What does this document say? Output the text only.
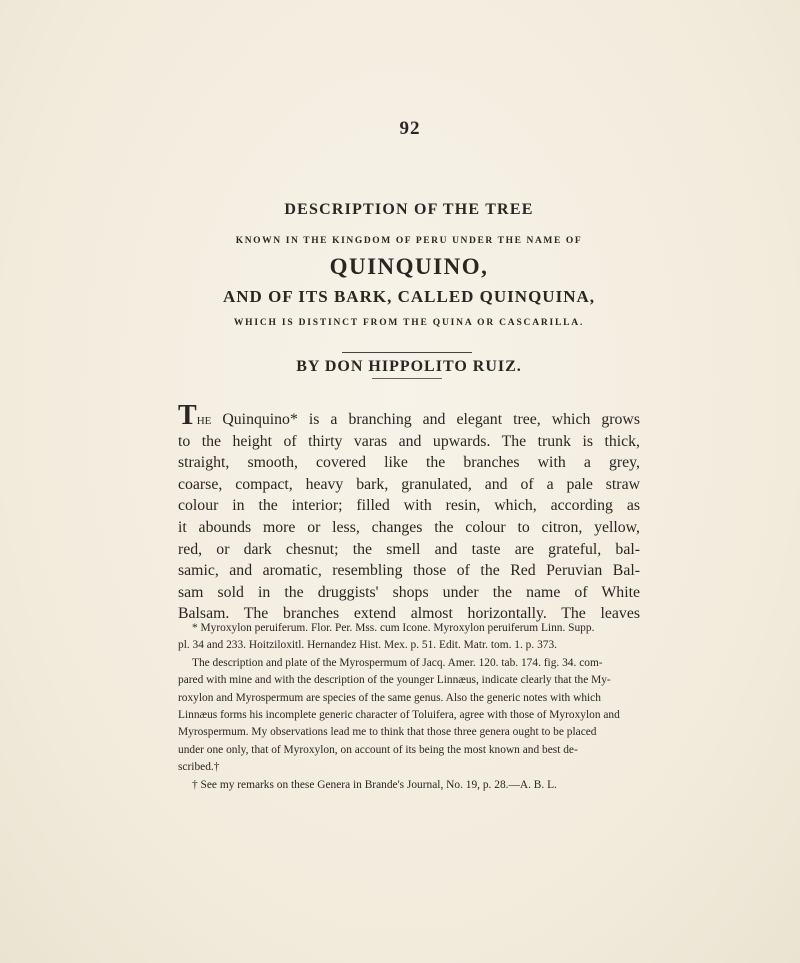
92
DESCRIPTION OF THE TREE
KNOWN IN THE KINGDOM OF PERU UNDER THE NAME OF
QUINQUINO,
AND OF ITS BARK, CALLED QUINQUINA,
WHICH IS DISTINCT FROM THE QUINA OR CASCARILLA.
BY DON HIPPOLITO RUIZ.
The Quinquino* is a branching and elegant tree, which grows
to the height of thirty varas and upwards. The trunk is thick,
straight, smooth, covered like the branches with a grey,
coarse, compact, heavy bark, granulated, and of a pale straw
colour in the interior; filled with resin, which, according as
it abounds more or less, changes the colour to citron, yellow,
red, or dark chesnut; the smell and taste are grateful, bal-
samic, and aromatic, resembling those of the Red Peruvian Bal-
sam sold in the druggists' shops under the name of White
Balsam. The branches extend almost horizontally. The leaves
* Myroxylon peruiferum. Flor. Per. Mss. cum Icone. Myroxylon peruiferum Linn. Supp.
pl. 34 and 233. Hoitziloxitl. Hernandez Hist. Mex. p. 51. Edit. Matr. tom. 1. p. 373.
The description and plate of the Myrospermum of Jacq. Amer. 120. tab. 174. fig. 34. com-
pared with mine and with the description of the younger Linnæus, indicate clearly that the My-
roxylon and Myrospermum are species of the same genus. Also the generic notes with which
Linnæus forms his incomplete generic character of Toluifera, agree with those of Myroxylon and
Myrospermum. My observations lead me to think that those three genera ought to be placed
under one only, that of Myroxylon, on account of its being the most known and best de-
scribed.†
† See my remarks on these Genera in Brande's Journal, No. 19, p. 28.—A. B. L.
